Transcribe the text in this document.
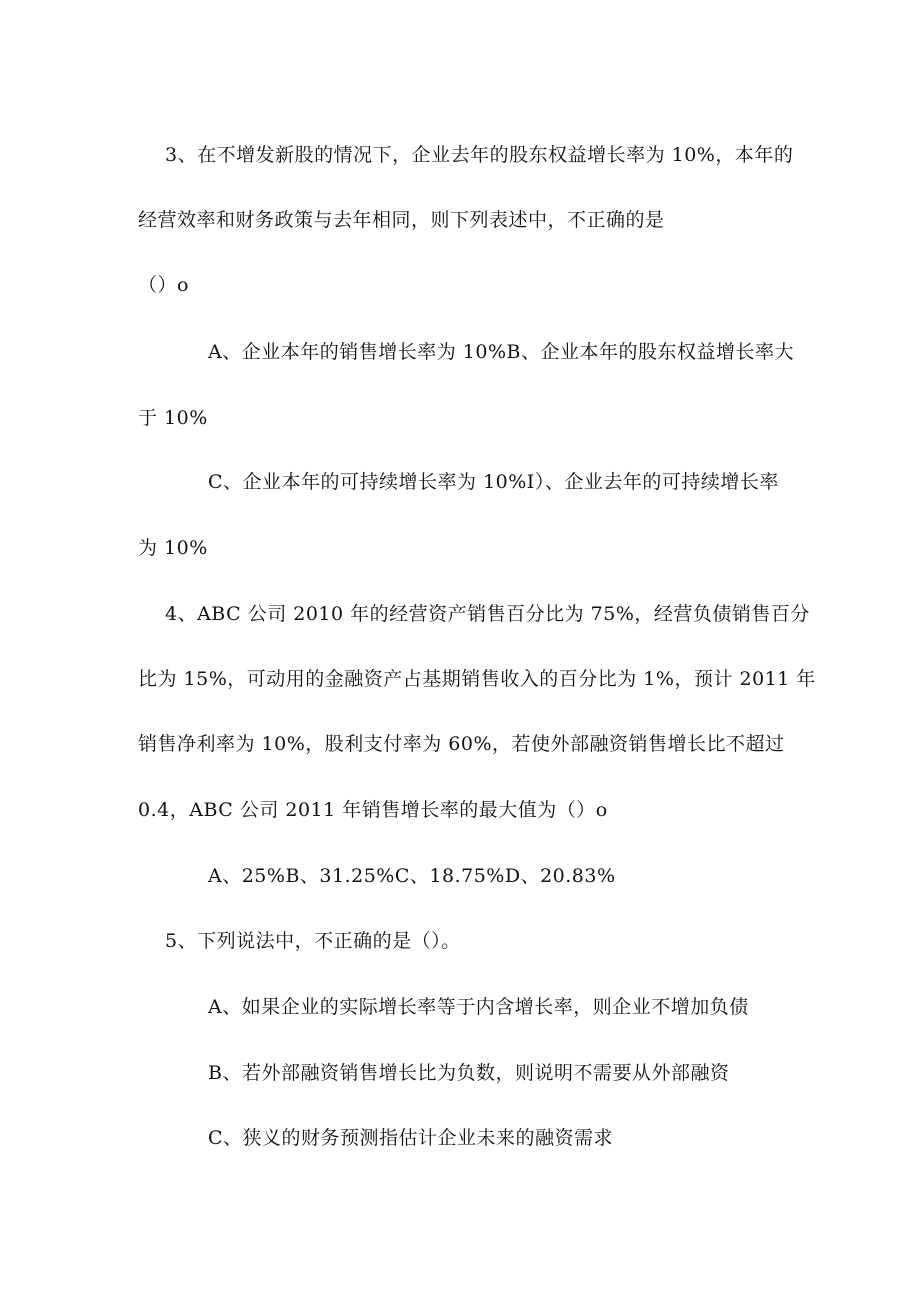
3、在不增发新股的情况下，企业去年的股东权益增长率为 10%，本年的
经营效率和财务政策与去年相同，则下列表述中，不正确的是
（）o
A、企业本年的销售增长率为 10%B、企业本年的股东权益增长率大
于 10%
C、企业本年的可持续增长率为 10%I）、企业去年的可持续增长率
为 10%
4、ABC 公司 2010 年的经营资产销售百分比为 75%，经营负债销售百分
比为 15%，可动用的金融资产占基期销售收入的百分比为 1%，预计 2011 年
销售净利率为 10%，股利支付率为 60%，若使外部融资销售增长比不超过
0.4，ABC 公司 2011 年销售增长率的最大值为（）o
A、25%B、31.25%C、18.75%D、20.83%
5、下列说法中，不正确的是（）。
A、如果企业的实际增长率等于内含增长率，则企业不增加负债
B、若外部融资销售增长比为负数，则说明不需要从外部融资
C、狭义的财务预测指估计企业未来的融资需求
